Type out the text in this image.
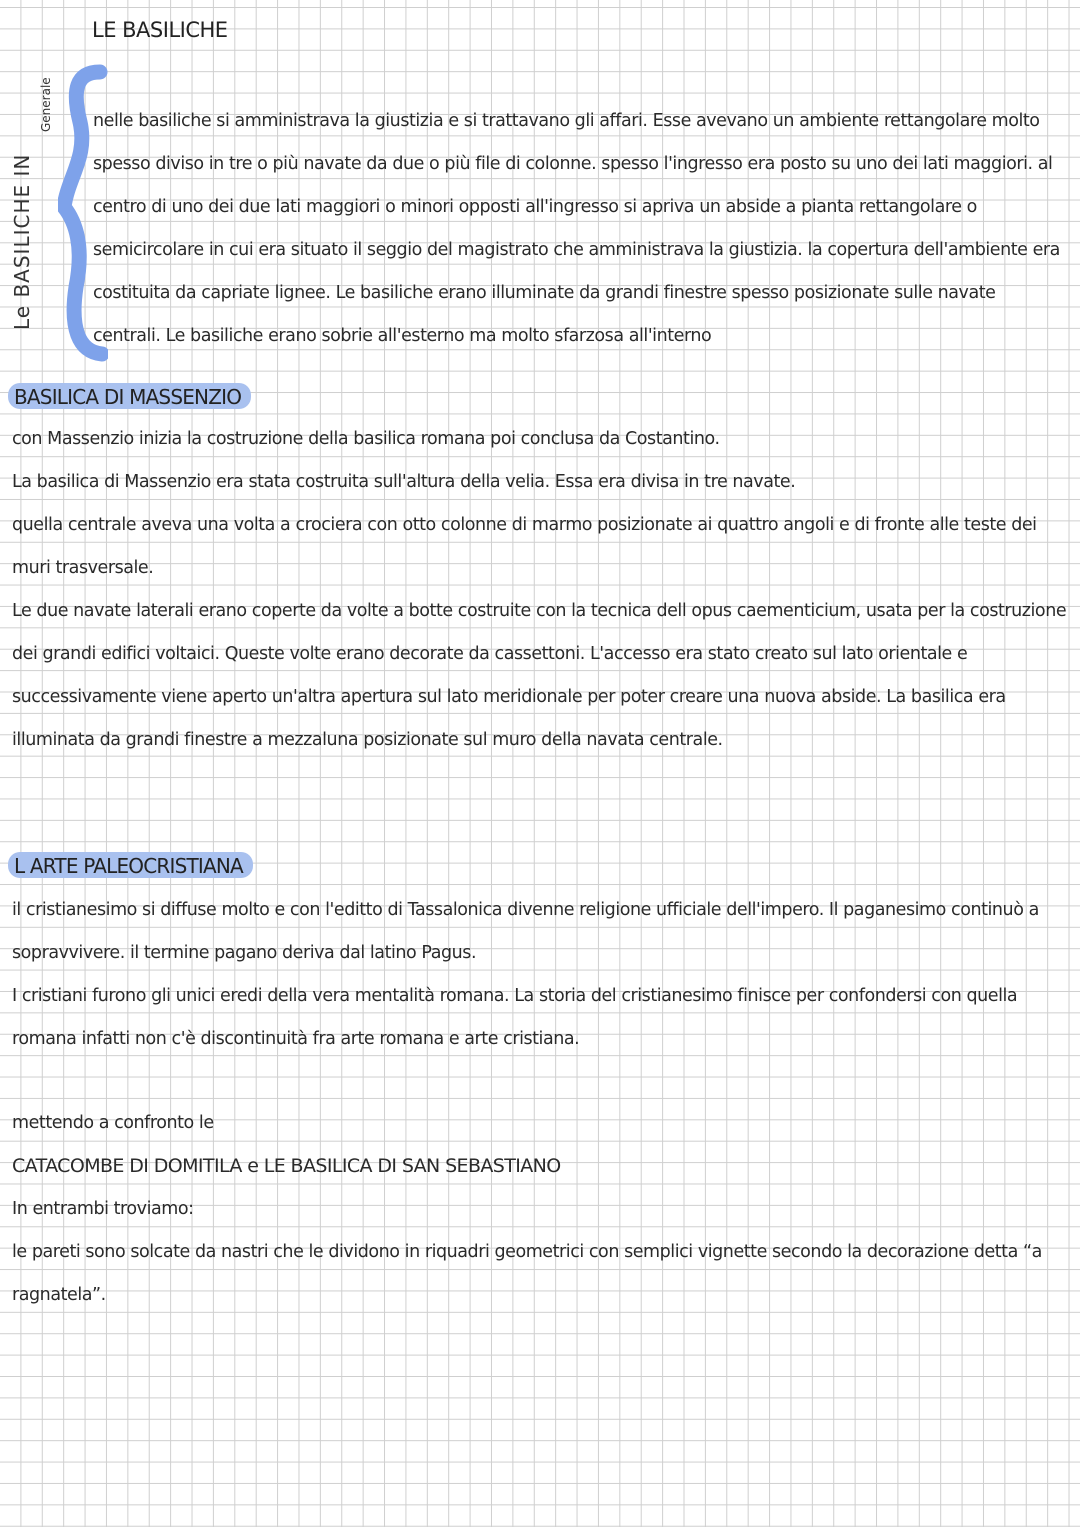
LE BASILICHE
Le BASILICHE IN
Generale nelle basiliche si amministrava la giustizia e si trattavano gli affari. Esse avevano un ambiente rettangolare molto spesso diviso in tre o più navate da due o più file di colonne. spesso l'ingresso era posto su uno dei lati maggiori. al centro di uno dei due lati maggiori o minori opposti all'ingresso si apriva un abside a pianta rettangolare o semicircolare in cui era situato il seggio del magistrato che amministrava la giustizia. la copertura dell'ambiente era costituita da capriate lignee. Le basiliche erano illuminate da grandi finestre spesso posizionate sulle navate centrali. Le basiliche erano sobrie all'esterno ma molto sfarzosa all'interno

BASILICA DI MASSENZIO

con Massenzio inizia la costruzione della basilica romana poi conclusa da Costantino.

La basilica di Massenzio era stata costruita sull'altura della velia. Essa era divisa in tre navate.

quella centrale aveva una volta a crociera con otto colonne di marmo posizionate ai quattro angoli e di fronte alle teste dei muri trasversale.

Le due navate laterali erano coperte da volte a botte costruite con la tecnica dell opus caementicium, usata per la costruzione dei grandi edifici voltaici. Queste volte erano decorate da cassettoni. L'accesso era stato creato sul lato orientale e successivamente viene aperto un'altra apertura sul lato meridionale per poter creare una nuova abside. La basilica era illuminata da grandi finestre a mezzaluna posizionate sul muro della navata centrale.

L ARTE PALEOCRISTIANA

il cristianesimo si diffuse molto e con l'editto di Tassalonica divenne religione ufficiale dell'impero. Il paganesimo continuò a sopravvivere. il termine pagano deriva dal latino Pagus.

I cristiani furono gli unici eredi della vera mentalità romana. La storia del cristianesimo finisce per confondersi con quella romana infatti non c'è discontinuità fra arte romana e arte cristiana.

mettendo a confronto le

CATACOMBE DI DOMITILA e LE BASILICA DI SAN SEBASTIANO

In entrambi troviamo:

le pareti sono solcate da nastri che le dividono in riquadri geometrici con semplici vignette secondo la decorazione detta “a ragnatela”.
